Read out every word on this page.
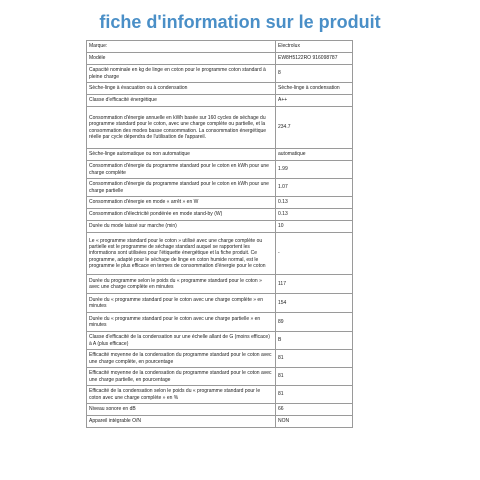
fiche d'information sur le produit
Marque:	Electrolux
Modèle	EW8H5122RO 916098787
Capacité nominale en kg de linge en coton pour le programme coton standard à pleine charge	8
Sèche-linge à évacuation ou à condensation	Sèche-linge à condensation
Classe d'efficacité énergétique	A++
Consommation d'énergie annuelle en kWh basée sur 160 cycles de séchage du programme standard pour le coton, avec une charge complète ou partielle, et la consommation des modes basse consommation. La consommation énergétique réelle par cycle dépendra de l'utilisation de l'appareil.	234.7
Sèche-linge automatique ou non automatique	automatique
Consommation d'énergie du programme standard pour le coton en kWh pour une charge complète	1.99
Consommation d'énergie du programme standard pour le coton en kWh pour une charge partielle	1.07
Consommation d'énergie en mode « arrêt » en W	0.13
Consommation d'électricité pondérée en mode stand-by (W)	0.13
Durée du mode laissé sur marche (min)	10
Le « programme standard pour le coton » utilisé avec une charge complète ou partielle est le programme de séchage standard auquel se rapportent les informations sont utilisées pour l'étiquette énergétique et la fiche produit. Ce programme, adapté pour le séchage de linge en coton humide normal, est le programme le plus efficace en termes de consommation d'énergie pour le coton	-
Durée du programme selon le poids du « programme standard pour le coton » avec une charge complète en minutes	117
Durée du « programme standard pour le coton avec une charge complète » en minutes	154
Durée du « programme standard pour le coton avec une charge partielle » en minutes	89
Classe d'efficacité de la condensation sur une échelle allant de G (moins efficace) à A (plus efficace)	B
Efficacité moyenne de la condensation du programme standard pour le coton avec une charge complète, en pourcentage	81
Efficacité moyenne de la condensation du programme standard pour le coton avec une charge partielle, en pourcentage	81
Efficacité de la condensation selon le poids du « programme standard pour le coton avec une charge complète » en %	81
Niveau sonore en dB	66
Appareil intégrable O/N	NON
